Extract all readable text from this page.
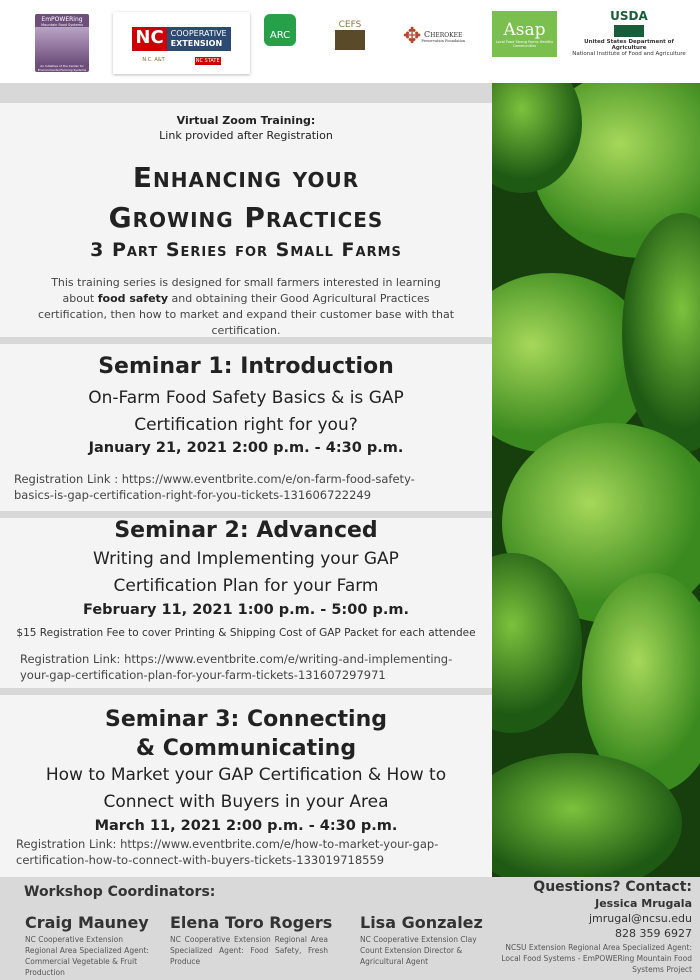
EmPOWERing
Mountain Food Systems
An Initiative of the Center for Environmental Farming Systems
NC COOPERATIVE
EXTENSION
N.C. A&T	NC STATE
ARC
CEFS ✥ Cherokee
Preservation Foundation
Asap
Local Food Strong Farms Healthy Communities
USDA
United States Department of Agriculture
National Institute of Food and Agriculture
Virtual Zoom Training:
Link provided after Registration
Enhancing your
Growing Practices
3 Part Series for Small Farms
This training series is designed for small farmers interested in learning about food safety and obtaining their Good Agricultural Practices certification, then how to market and expand their customer base with that certification.
Seminar 1: Introduction
On-Farm Food Safety Basics & is GAP Certification right for you?
January 21, 2021 2:00 p.m. - 4:30 p.m.
Registration Link : https://www.eventbrite.com/e/on-farm-food-safety-basics-is-gap-certification-right-for-you-tickets-131606722249
Seminar 2: Advanced
Writing and Implementing your GAP Certification Plan for your Farm
February 11, 2021 1:00 p.m. - 5:00 p.m.
$15 Registration Fee to cover Printing & Shipping Cost of GAP Packet for each attendee
Registration Link: https://www.eventbrite.com/e/writing-and-implementing-your-gap-certification-plan-for-your-farm-tickets-131607297971
Seminar 3: Connecting & Communicating
How to Market your GAP Certification & How to Connect with Buyers in your Area
March 11, 2021 2:00 p.m. - 4:30 p.m.
Registration Link: https://www.eventbrite.com/e/how-to-market-your-gap-certification-how-to-connect-with-buyers-tickets-133019718559
Workshop Coordinators:
Craig Mauney
NC Cooperative Extension Regional Area Specialized Agent: Commercial Vegetable & Fruit Production
Elena Toro Rogers
NC Cooperative Extension Regional Area Specialized Agent: Food Safety, Fresh Produce
Lisa Gonzalez
NC Cooperative Extension Clay Count Extension Director & Agricultural Agent
Questions? Contact:
Jessica Mrugala
jmrugal@ncsu.edu
828 359 6927
NCSU Extension Regional Area Specialized Agent: Local Food Systems - EmPOWERing Mountain Food Systems Project
